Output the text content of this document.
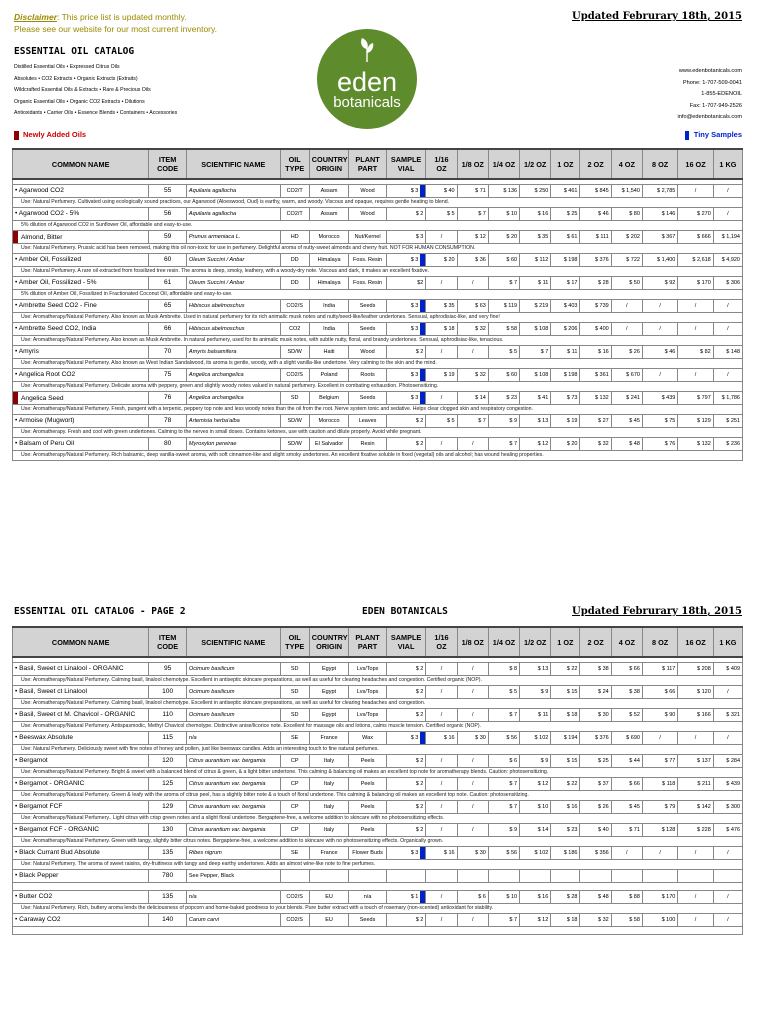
Disclaimer: This price list is updated monthly.
Please see our website for our most current inventory.
Updated Februrary 18th, 2015
ESSENTIAL OIL CATALOG
Distilled Essential Oils • Expressed Citrus Oils
Absolutes • CO2 Extracts • Organic Extracts (Extraits)
Wildcrafted Essential Oils & Extracts • Rare & Precious Oils
Organic Essential Oils • Organic CO2 Extracts • Dilutions
Antioxidants • Carrier Oils • Essence Blends • Containers • Accessories
eden
botanicals
www.edenbotanicals.com
Phone: 1-707-509-0041
1-855-EDENOIL
Fax: 1-707-949-2526
info@edenbotanicals.com
Newly Added Oils	Tiny Samples
COMMON NAME	ITEM CODE	SCIENTIFIC NAME	OIL TYPE	COUNTRY ORIGIN	PLANT PART	SAMPLE VIAL	1/16 OZ	1/8 OZ	1/4 OZ	1/2 OZ	1 OZ	2 OZ	4 OZ	8 OZ	16 OZ	1 KG

• Agarwood CO2	55	Aquilaria agallocha	CO2/T	Assam	Wood	$ 3	$ 40	$ 71	$ 136	$ 250	$ 461	$ 845	$ 1,540	$ 2,785	/	/

Use: Natural Perfumery. Cultivated using ecologically sound practices, our Agarwood (Aloeswood, Oud) is earthy, warm, and woody. Viscous and opaque, requires gentle heating to blend.																

• Agarwood CO2 - 5%	56	Aquilaria agallocha	CO2/T	Assam	Wood	$ 2	$ 5	$ 7	$ 10	$ 16	$ 25	$ 46	$ 80	$ 146	$ 270	/

5% dilution of Agarwood CO2 in Sunflower Oil, affordable and easy-to-use.																

Almond, Bitter	59	Prunus armeniaca L.	HD	Morocco	Nut/Kernel	$ 3	/	$ 12	$ 20	$ 35	$ 61	$ 111	$ 202	$ 367	$ 666	$ 1,194

Use: Natural Perfumery. Prussic acid has been removed, making this oil non-toxic for use in perfumery. Delightful aroma of nutty-sweet almonds and cherry fruit. NOT FOR HUMAN CONSUMPTION.																

• Amber Oil, Fossilized	60	Oleum Succini / Anbar	DD	Himalaya	Foss. Resin	$ 3	$ 20	$ 36	$ 60	$ 112	$ 198	$ 376	$ 722	$ 1,400	$ 2,618	$ 4,920

Use: Natural Perfumery. A rare oil extracted from fossilized tree resin. The aroma is deep, smoky, leathery, with a woody-dry note. Viscous and dark, it makes an excellent fixative.																

• Amber Oil, Fossilized - 5%	61	Oleum Succini / Anbar	DD	Himalaya	Foss. Resin	$2	/	/	$ 7	$ 11	$ 17	$ 28	$ 50	$ 92	$ 170	$ 306

5% dilution of Amber Oil, Fossilized in Fractionated Coconut Oil, affordable and easy-to-use.																

• Ambrette Seed CO2 - Fine	65	Hibiscus abelmoschus	CO2/S	India	Seeds	$ 3	$ 35	$ 63	$ 119	$ 219	$ 403	$ 739	/	/	/	/

Use: Aromatherapy/Natural Perfumery. Also known as Musk Ambrette. Used in natural perfumery for its rich animalic musk notes and nutty/seed-like/leather undertones. Sensual, aphrodisiac-like, and very fine!																

• Ambrette Seed CO2, India	66	Hibiscus abelmoschus	CO2	India	Seeds	$ 3	$ 18	$ 32	$ 58	$ 108	$ 206	$ 400	/	/	/	/

Use: Aromatherapy/Natural Perfumery. Also known as Musk Ambrette. In natural perfumery, used for its animalic musk notes, with subtle nutty, floral, and brandy undertones. Sensual, aphrodisiac-like, tenacious.																

• Amyris	70	Amyris balsamifera	SD/W	Haiti	Wood	$ 2	/	/	$ 5	$ 7	$ 11	$ 16	$ 26	$ 46	$ 82	$ 148

Use: Aromatherapy/Natural Perfumery. Also known as West Indian Sandalwood, its aroma is gentle, woody, with a slight vanilla-like undertone. Very calming to the skin and the mind.																

• Angelica Root CO2	75	Angelica archangelica	CO2/S	Poland	Roots	$ 3	$ 19	$ 32	$ 60	$ 108	$ 198	$ 361	$ 670	/	/	/

Use: Aromatherapy/Natural Perfumery. Delicate aroma with peppery, green and slightly woody notes valued in natural perfumery. Excellent in combating exhaustion. Photosensitizing.																

Angelica Seed	76	Angelica archangelica	SD	Belgium	Seeds	$ 3	/	$ 14	$ 23	$ 41	$ 73	$ 132	$ 241	$ 439	$ 797	$ 1,786

Use: Aromatherapy/Natural Perfumery. Fresh, pungent with a terpenic, peppery top note and less woody notes than the oil from the root. Nerve system tonic and sedative. Helps clear clogged skin and respiratory congestion.																

• Armoise (Mugwort)	78	Artemisia herba'alba	SD/W	Morocco	Leaves	$ 2	$ 5	$ 7	$ 9	$ 13	$ 19	$ 27	$ 45	$ 75	$ 129	$ 251

Use: Aromatherapy. Fresh and cool with green undertones. Calming to the nerves in small doses. Contains ketones, use with caution and dilute properly. Avoid while pregnant.																

• Balsam of Peru Oil	80	Myroxylon pereirae	SD/W	El Salvador	Resin	$ 2	/	/	$ 7	$ 12	$ 20	$ 32	$ 48	$ 76	$ 132	$ 236

Use: Aromatherapy/Natural Perfumery. Rich balsamic, deep vanilla-sweet aroma, with soft cinnamon-like and slight smoky undertones. An excellent fixative soluble in fixed (vegetal) oils and alcohol; has wound healing properties.																
ESSENTIAL OIL CATALOG - PAGE 2	EDEN BOTANICALS	Updated Februrary 18th, 2015
COMMON NAME	ITEM CODE	SCIENTIFIC NAME	OIL TYPE	COUNTRY ORIGIN	PLANT PART	SAMPLE VIAL	1/16 OZ	1/8 OZ	1/4 OZ	1/2 OZ	1 OZ	2 OZ	4 OZ	8 OZ	16 OZ	1 KG

• Basil, Sweet ct Linalool - ORGANIC	95	Ocimum basilicum	SD	Egypt	Lvs/Tops	$ 2	/	/	$ 8	$ 13	$ 22	$ 38	$ 66	$ 117	$ 208	$ 409

Use: Aromatherapy/Natural Perfumery. Calming basil, linalool chemotype. Excellent in antiseptic skincare preparations, as well as useful for clearing headaches and congestion. Certified organic (NOP).																

• Basil, Sweet ct Linalool	100	Ocimum basilicum	SD	Egypt	Lvs/Tops	$ 2	/	/	$ 5	$ 9	$ 15	$ 24	$ 38	$ 66	$ 120	/

Use: Aromatherapy/Natural Perfumery. Calming basil, linalool chemotype. Excellent in antiseptic skincare preparations, as well as useful for clearing headaches and congestion.																

• Basil, Sweet ct M. Chavicol - ORGANIC	110	Ocimum basilicum	SD	Egypt	Lvs/Tops	$ 2	/	/	$ 7	$ 11	$ 18	$ 30	$ 52	$ 90	$ 166	$ 321

Use: Aromatherapy/Natural Perfumery. Antispasmodic, Methyl Chavicol chemotype. Distinctive anise/licorice note. Excellent for massage oils and lotions, calms muscle tension. Certified organic (NOP).																

• Beeswax Absolute	115	n/a	SE	France	Wax	$ 3	$ 16	$ 30	$ 56	$ 102	$ 194	$ 376	$ 690	/	/	/

Use: Natural Perfumery. Deliciously sweet with fine notes of honey and pollen, just like beeswax candles. Adds an interesting touch to fine natural perfumes.																

• Bergamot	120	Citrus aurantium var. bergamia	CP	Italy	Peels	$ 2	/	/	$ 6	$ 9	$ 15	$ 25	$ 44	$ 77	$ 137	$ 284

Use: Aromatherapy/Natural Perfumery. Bright & sweet with a balanced blend of citrus & green, & a light bitter undertone. This calming & balancing oil makes an excellent top note for aromatherapy blends. Caution: photosensitizing.																

• Bergamot - ORGANIC	125	Citrus aurantium var. bergamia	CP	Italy	Peels	$ 2	/	/	$ 7	$ 12	$ 22	$ 37	$ 66	$ 118	$ 211	$ 439

Use: Aromatherapy/Natural Perfumery. Green & leafy with the aroma of citrus peel, has a slightly bitter note & a touch of floral undertone. This calming & balancing oil makes an excellent top note. Caution: photosensitizing.																

• Bergamot FCF	129	Citrus aurantium var. bergamia	CP	Italy	Peels	$ 2	/	/	$ 7	$ 10	$ 16	$ 26	$ 45	$ 79	$ 142	$ 300

Use: Aromatherapy/Natural Perfumery.. Light citrus with crisp green notes and a slight floral undertone. Bergaptene-free, a welcome addition to skincare with no photosensitizing effects.																

• Bergamot FCF - ORGANIC	130	Citrus aurantium var. bergamia	CP	Italy	Peels	$ 2	/	/	$ 9	$ 14	$ 23	$ 40	$ 71	$ 128	$ 228	$ 476

Use: Aromatherapy/Natural Perfumery. Green with tangy, slightly bitter citrus notes. Bergaptene-free, a welcome addition to skincare with no photosensitizing effects. Organically grown.																

• Black Currant Bud Absolute	135	Ribes nigrum	SE	France	Flower Buds	$ 3	$ 16	$ 30	$ 56	$ 102	$ 186	$ 356	/	/	/	/

Use: Natural Perfumery. The aroma of sweet raisins, dry-fruitiness with tangy and deep earthy undertones. Adds an almost wine-like note to fine perfumes.																

• Black Pepper	780	See Pepper, Black														

• Butter CO2	135	n/a	CO2/S	EU	n/a	$ 1	/	$ 6	$ 10	$ 16	$ 28	$ 48	$ 88	$ 170	/	/

Use: Natural Perfumery. Rich, buttery aroma lends the deliciousness of popcorn and home-baked goodness to your blends. Pure butter extract with a touch of rosemary (non-scented) antioxidant for stability.																

• Caraway CO2	140	Carum carvi	CO2/S	EU	Seeds	$ 2	/	/	$ 7	$ 12	$ 18	$ 32	$ 58	$ 100	/	/
